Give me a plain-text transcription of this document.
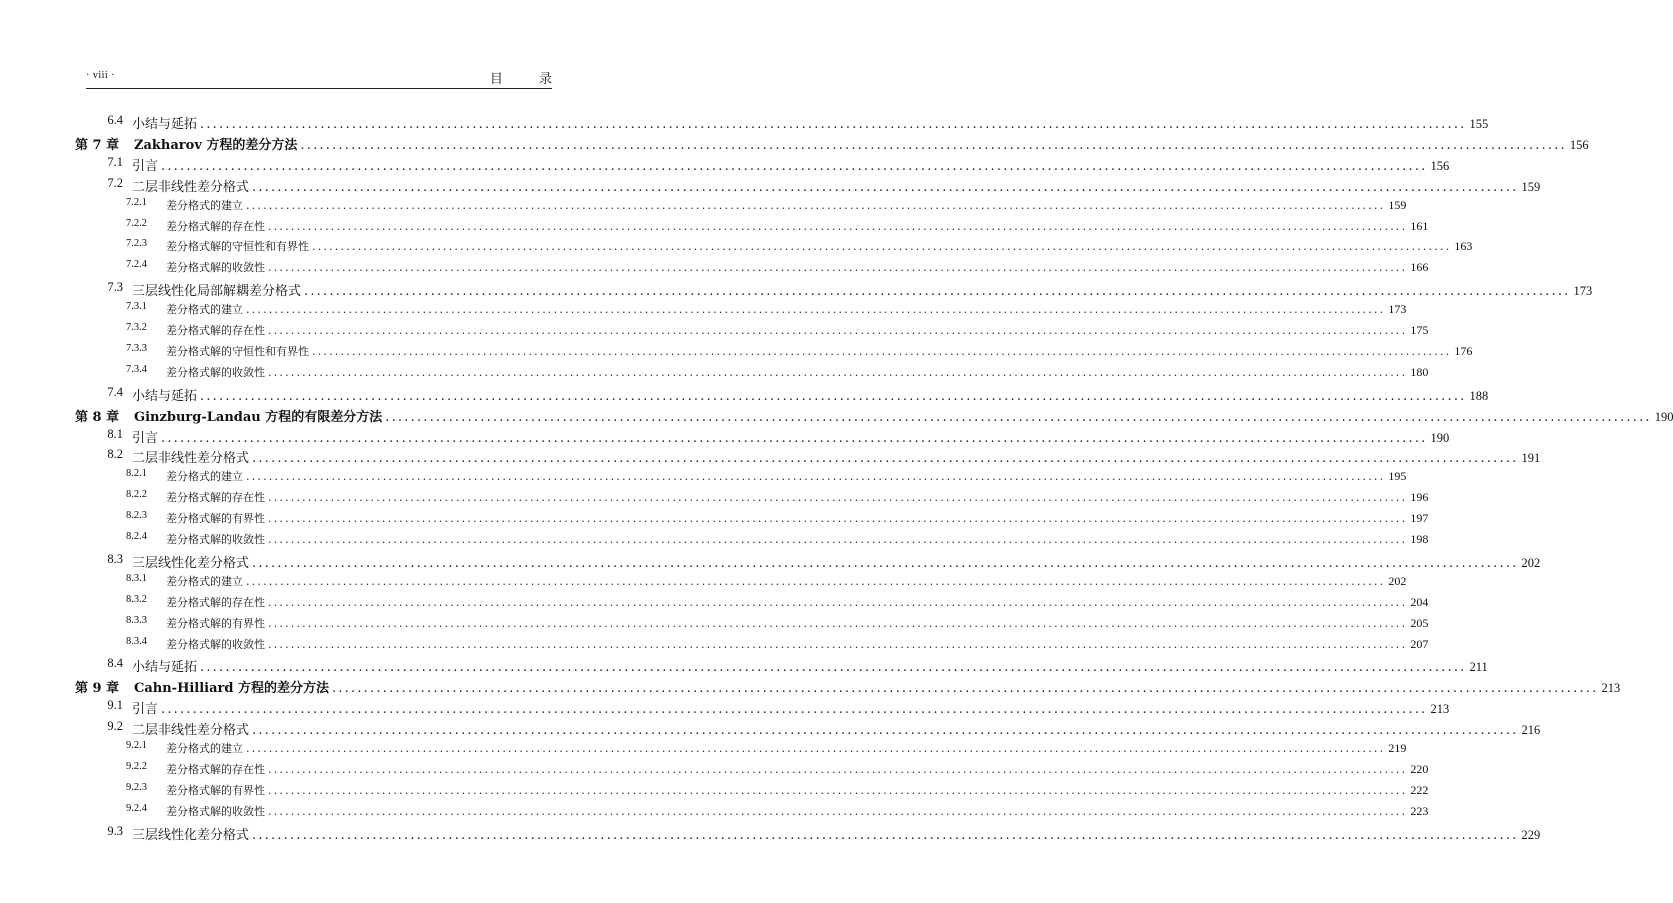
· viii ·	目 录
6.4 小结与延拓 ........................................................................................................................................................................................................ 155
第 7 章	Zakharov 方程的差分方法 ........................................................................................................................................................................................................ 156
7.1 引言 ........................................................................................................................................................................................................ 156
7.2 二层非线性差分格式 ........................................................................................................................................................................................................ 159
7.2.1	差分格式的建立 ........................................................................................................................................................................................................ 159
7.2.2	差分格式解的存在性 ........................................................................................................................................................................................................ 161
7.2.3	差分格式解的守恒性和有界性 ........................................................................................................................................................................................................ 163
7.2.4	差分格式解的收敛性 ........................................................................................................................................................................................................ 166
7.3 三层线性化局部解耦差分格式 ........................................................................................................................................................................................................ 173
7.3.1	差分格式的建立 ........................................................................................................................................................................................................ 173
7.3.2	差分格式解的存在性 ........................................................................................................................................................................................................ 175
7.3.3	差分格式解的守恒性和有界性 ........................................................................................................................................................................................................ 176
7.3.4	差分格式解的收敛性 ........................................................................................................................................................................................................ 180
7.4 小结与延拓 ........................................................................................................................................................................................................ 188
第 8 章	Ginzburg-Landau 方程的有限差分方法 ........................................................................................................................................................................................................ 190
8.1 引言 ........................................................................................................................................................................................................ 190
8.2 二层非线性差分格式 ........................................................................................................................................................................................................ 191
8.2.1	差分格式的建立 ........................................................................................................................................................................................................ 195
8.2.2	差分格式解的存在性 ........................................................................................................................................................................................................ 196
8.2.3	差分格式解的有界性 ........................................................................................................................................................................................................ 197
8.2.4	差分格式解的收敛性 ........................................................................................................................................................................................................ 198
8.3 三层线性化差分格式 ........................................................................................................................................................................................................ 202
8.3.1	差分格式的建立 ........................................................................................................................................................................................................ 202
8.3.2	差分格式解的存在性 ........................................................................................................................................................................................................ 204
8.3.3	差分格式解的有界性 ........................................................................................................................................................................................................ 205
8.3.4	差分格式解的收敛性 ........................................................................................................................................................................................................ 207
8.4 小结与延拓 ........................................................................................................................................................................................................ 211
第 9 章	Cahn-Hilliard 方程的差分方法 ........................................................................................................................................................................................................ 213
9.1 引言 ........................................................................................................................................................................................................ 213
9.2 二层非线性差分格式 ........................................................................................................................................................................................................ 216
9.2.1	差分格式的建立 ........................................................................................................................................................................................................ 219
9.2.2	差分格式解的存在性 ........................................................................................................................................................................................................ 220
9.2.3	差分格式解的有界性 ........................................................................................................................................................................................................ 222
9.2.4	差分格式解的收敛性 ........................................................................................................................................................................................................ 223
9.3 三层线性化差分格式 ........................................................................................................................................................................................................ 229
